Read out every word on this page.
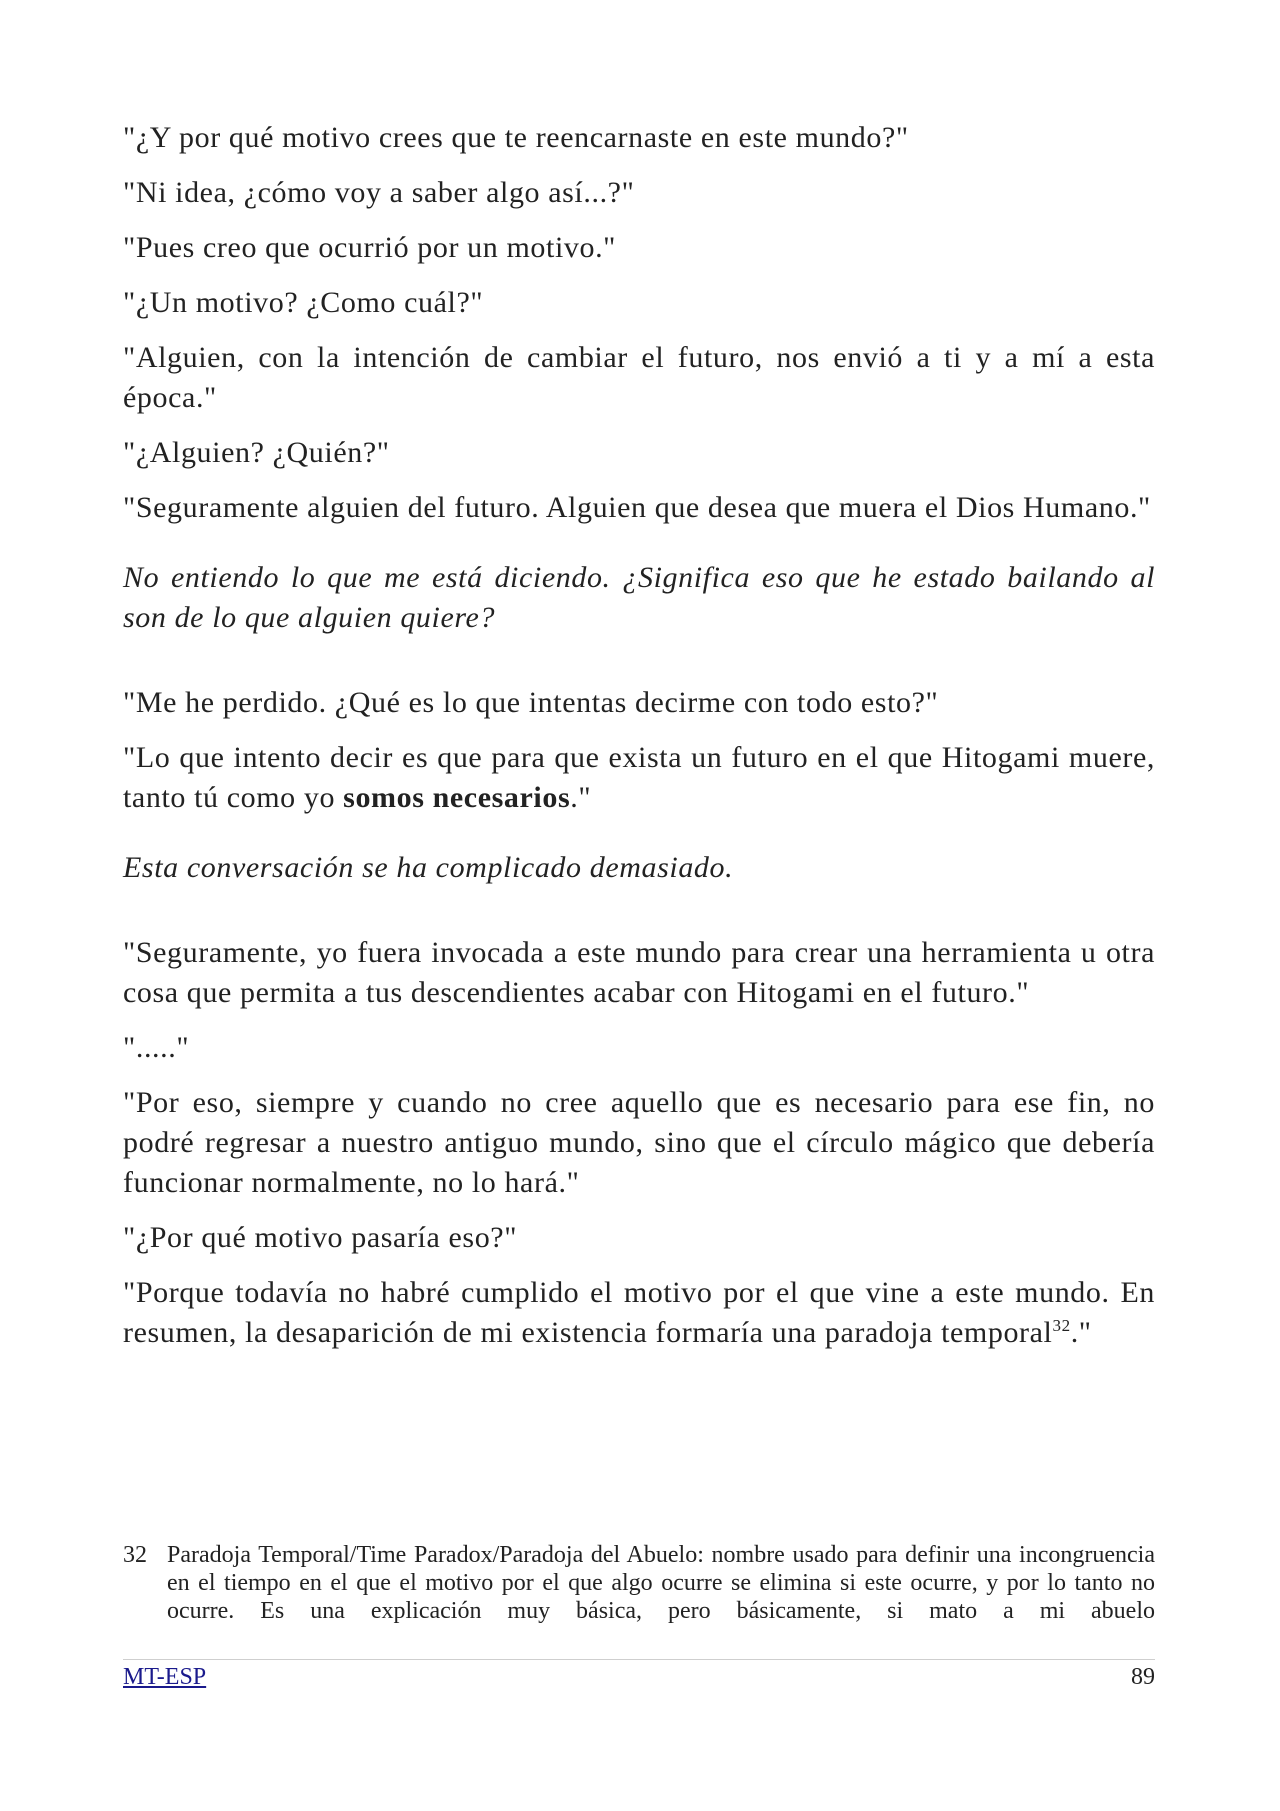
"¿Y por qué motivo crees que te reencarnaste en este mundo?"

"Ni idea, ¿cómo voy a saber algo así...?"

"Pues creo que ocurrió por un motivo."

"¿Un motivo? ¿Como cuál?"

"Alguien, con la intención de cambiar el futuro, nos envió a ti y a mí a esta época."

"¿Alguien? ¿Quién?"

"Seguramente alguien del futuro. Alguien que desea que muera el Dios Humano."

No entiendo lo que me está diciendo. ¿Significa eso que he estado bailando al son de lo que alguien quiere?

"Me he perdido. ¿Qué es lo que intentas decirme con todo esto?"

"Lo que intento decir es que para que exista un futuro en el que Hitogami muere, tanto tú como yo somos necesarios."

Esta conversación se ha complicado demasiado.

"Seguramente, yo fuera invocada a este mundo para crear una herramienta u otra cosa que permita a tus descendientes acabar con Hitogami en el futuro."

"....."

"Por eso, siempre y cuando no cree aquello que es necesario para ese fin, no podré regresar a nuestro antiguo mundo, sino que el círculo mágico que debería funcionar normalmente, no lo hará."

"¿Por qué motivo pasaría eso?"

"Porque todavía no habré cumplido el motivo por el que vine a este mundo. En resumen, la desaparición de mi existencia formaría una paradoja temporal$^{32}$."

32 Paradoja Temporal/Time Paradox/Paradoja del Abuelo: nombre usado para definir una incongruencia en el tiempo en el que el motivo por el que algo ocurre se elimina si este ocurre, y por lo tanto no ocurre. Es una explicación muy básica, pero básicamente, si mato a mi abuelo
MT-ESP	89
